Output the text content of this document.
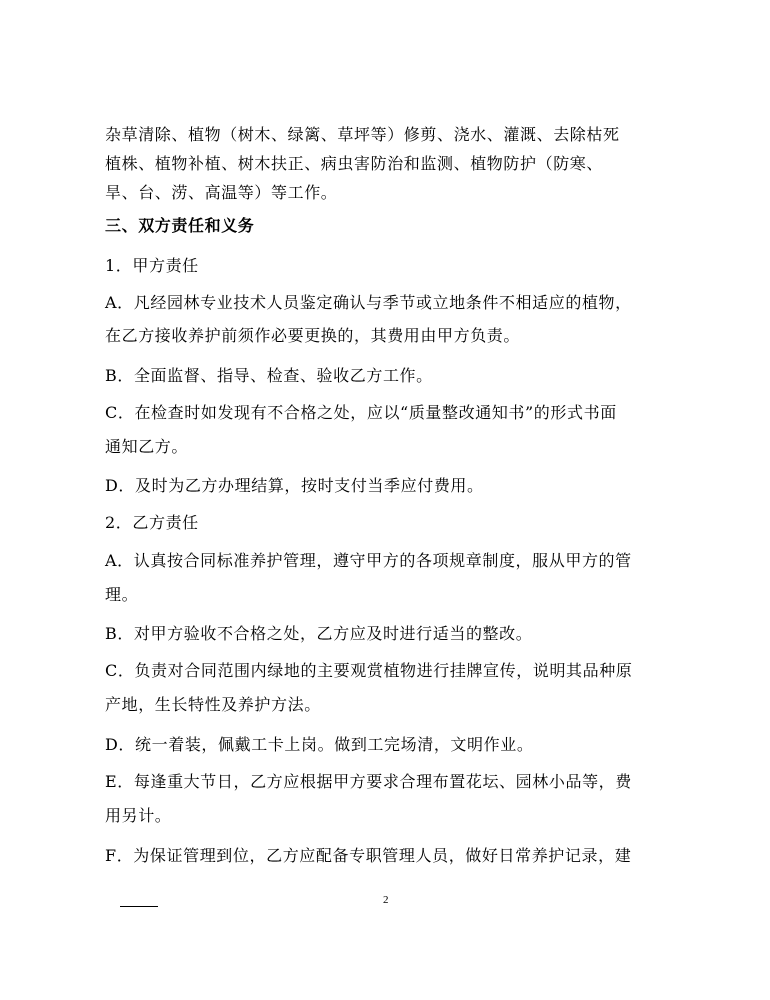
杂草清除、植物（树木、绿篱、草坪等）修剪、浇水、灌溉、去除枯死
植株、植物补植、树木扶正、病虫害防治和监测、植物防护（防寒、
旱、台、涝、高温等）等工作。
三、双方责任和义务
1．甲方责任
A．凡经园林专业技术人员鉴定确认与季节或立地条件不相适应的植物，
在乙方接收养护前须作必要更换的，其费用由甲方负责。
B．全面监督、指导、检查、验收乙方工作。
C．在检查时如发现有不合格之处，应以“质量整改通知书”的形式书面
通知乙方。
D．及时为乙方办理结算，按时支付当季应付费用。
2．乙方责任
A．认真按合同标准养护管理，遵守甲方的各项规章制度，服从甲方的管
理。
B．对甲方验收不合格之处，乙方应及时进行适当的整改。
C．负责对合同范围内绿地的主要观赏植物进行挂牌宣传，说明其品种原
产地，生长特性及养护方法。
D．统一着装，佩戴工卡上岗。做到工完场清，文明作业。
E．每逢重大节日，乙方应根据甲方要求合理布置花坛、园林小品等，费
用另计。
F．为保证管理到位，乙方应配备专职管理人员，做好日常养护记录，建
2
